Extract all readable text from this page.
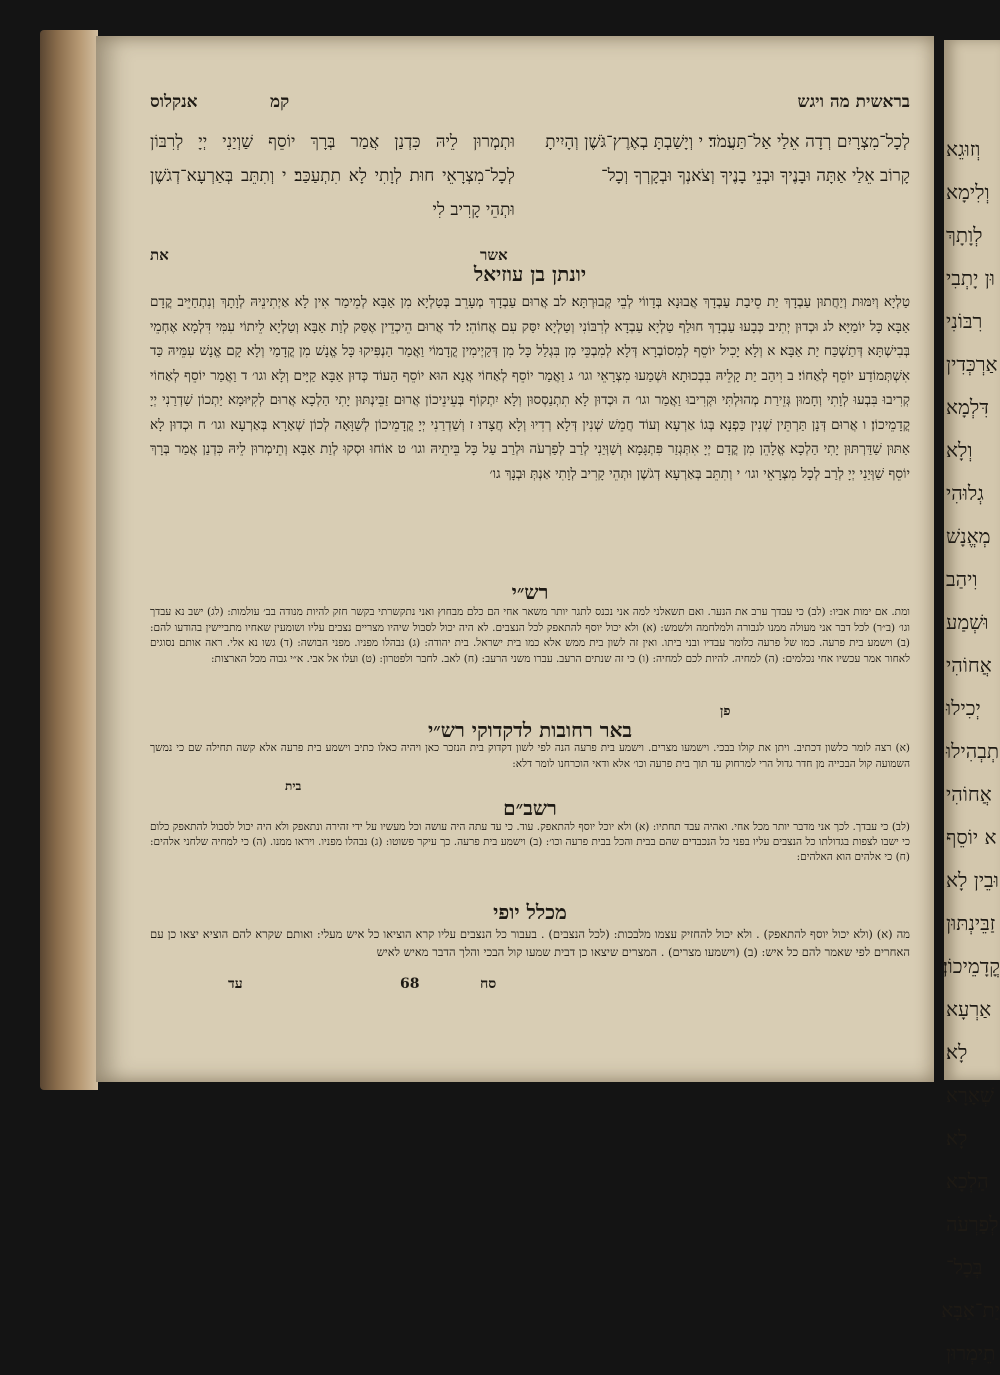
בראשית מה ויגש
אנקלוס	קמ
לְכָל־מִצְרָיִם רְדָה אֵלַי אַל־תַּעֲמֹד׃ י וְיָשַׁבְתָּ בְאֶרֶץ־גֹּשֶׁן וְהָיִיתָ קָרוֹב אֵלַי אַתָּה וּבָנֶיךָ וּבְנֵי בָנֶיךָ וְצֹאנְךָ וּבְקָרְךָ וְכָל־
וּתְמְרוּן לֵיהּ כִּדְנַן אֲמַר בְּרָךְ יוֹסֵף שַׁוְיַנִי יְיָ לְרִבּוֹן לְכָל־מִצְרָאֵי חוּת לְוָתִי לָא תִתְעַכַּב׃ י וְתִתֵּב בְּאַרְעָא־דְגֹשֶׁן וּתְהֵי קָרִיב לִי
אשר
את
יונתן בן עוזיאל
טַלְיָא וְיִמּוּת וְיַחֲתוּן עַבְדָךְ יַת סֵיבַת עַבְדָךְ אֲבוּנָא בְּדָווֹי לְבֵי קְבוּרְתָּא׃ לב אֲרוּם עַבְדָךְ מְעָרֵב בְּטַלְיָא מִן אַבָּא לְמֵימַר אִין לָא אַיְתִינֵיהּ לְוָתָךְ וְנִתְחַיֵּיב קֳדָם אַבָּא כָּל יוֹמַיָּא׃ לג וּכְדוּן יְתִיב כְּבָעוּ עַבְדָךְ חוּלַף טַלְיָא עַבְדָא לְרִבּוֹנִי וְטַלְיָא יִסַּק עִם אֲחוֹהִי׃ לד אֲרוּם הֵיכְדֵין אֶסַּק לְוַת אַבָּא וְטַלְיָא לֵיתוֹי עִמִּי דִּלְמָא אֶחְמֵי בְּבִישְׁתָּא דְּתַשְׁכַּח יַת אַבָּא׃ א וְלָא יָכִיל יוֹסֵף לְמִסוֹבְרָא דְּלָא לְמִבְכֵּי מִן בִּגְלַל כָּל מִן דְּקַיְימִין קֳדָמוֹי וַאֲמַר הַנְפִּיקוּ כָּל אֱנָשׁ מִן קֳדָמַי וְלָא קָם אֱנָשׁ עִמֵּיהּ כַּד אִשְׁתְּמוֹדַע יוֹסֵף לְאַחוֹי׃ ב וִיהַב יַת קָלֵיהּ בִּבְכוּתָא וּשְׁמַעוּ מִצְרָאֵי וגו׳ ג וַאֲמַר יוֹסֵף לְאַחוֹי אֲנָא הוּא יוֹסֵף הַעוֹד כְּדוּן אַבָּא קַיָּים וְלָא וגו׳ ד וַאֲמַר יוֹסֵף לְאַחוֹי קְרִיבוּ בִּבְעוּ לְוָתִי וְחָמוּן גְּזֵירַת מְהוּלְתִּי וּקְרִיבוּ וַאֲמַר וגו׳ ה וּכְדוּן לָא תִתְנַסְסוּן וְלָא יִתְקוֹף בְּעֵינֵיכוֹן אֲרוּם זַבֵּינְתּוּן יָתִי הַלְכָא אֲרוּם לְקִיּוּמָא יַתְכוֹן שַׁדְרַנִי יְיָ קֳדָמֵיכוֹן׃ ו אֲרוּם דְּנָן תַּרְתֵּין שְׁנִין כַּפְנָא בְּגוֹ אַרְעָא וְעוֹד חֲמֵשׁ שְׁנִין דְּלָא רְדִיוּ וְלָא חֲצָדוּ׃ ז וְשַׁדְרַנִי יְיָ קֳדָמֵיכוֹן לְשַׁוָּאָה לְכוֹן שְׁאָרָא בְּאַרְעָא וגו׳ ח וּכְדוּן לָא אַתּוּן שַׁדַּרְתּוּן יָתִי הַלְכָא אֱלָהֵן מִן קֳדָם יְיָ אִתְּגְזַר פִּתְגָּמָא וְשַׁוְּיַנִי לְרַב לְפַרְעֹה וּלְרַב עַל כָּל בֵּיתֵיהּ וגו׳ ט אוֹחוּ וּסְקוּ לְוַת אַבָּא וְתֵימְרוּן לֵיהּ כִּדְנַן אֲמַר בְּרָךְ יוֹסֵף שַׁוְּיַנִי יְיָ לְרַב לְכָל מִצְרָאֵי וגו׳ י וְתִתֵּב בְּאַרְעָא דְגֹשֶׁן וּתְהֵי קָרִיב לְוָתִי אַנְתְּ וּבְנָךְ גו׳
רש״י
ומת. אם ימות אביו: (לב) כי עבדך ערב את הנער. ואם תשאלני למה אני נכנס לתגר יותר משאר אחי הם כלם מבחוץ ואני נתקשרתי בקשר חזק להיות מנודה בב׳ עולמות: (לג) ישב נא עבדך וגו׳ (ב״ר) לכל דבר אני מעולה ממנו לגבורה ולמלחמה ולשמש: (א) ולא יכול יוסף להתאפק לכל הנצבים. לא היה יכול לסבול שיהיו מצריים נצבים עליו ושומעין שאחיו מתביישין בהודעו להם: (ב) וישמע בית פרעה. כמו של פרעה כלומר עבדיו ובני ביתו. ואין זה לשון בית ממש אלא כמו בית ישראל. בית יהודה: (ג) נבהלו מפניו. מפני הבושה: (ד) גשו נא אלי. ראה אותם נסוגים לאחור אמר עכשיו אחי נכלמים: (ה) למחיה. להיות לכם למחיה: (ו) כי זה שנתים הרעב. עברו משני הרעב: (ח) לאב. לחבר ולפטרון: (ט) ועלו אל אבי. א״י גבוה מכל הארצות:
פן
באר רחובות לדקדוקי רש״י
(א) רצה לומר כלשון דכתיב. ויתן את קולו בבכי. וישמעו מצרים. וישמע בית פרעה הנה לפי לשון דקדוק בית הנזכר כאן ויהיה כאלו כתיב וישמע בית פרעה אלא קשה תחילה שם כי נמשך השמועה קול הבכייה מן חדר גדול הרי למרחוק עד תוך בית פרעה וכו׳ אלא ודאי הוכרחנו לומר דלא:
בית
רשב״ם
(לב) כי עבדך. לכך אני מדבר יותר מכל אחי. ואהיה עבד תחתיו: (א) ולא יוכל יוסף להתאפק. עוד. כי עד עתה היה עושה וכל מעשיו על ידי זהירה ונתאפק ולא היה יכול לסבול להתאפק כלום כי ישבו לצפות בגדולתו כל הנצבים עליו בפני כל הנכבדים שהם בבית והכל בבית פרעה וכו׳: (ב) וישמע בית פרעה. כך עיקר פשוטו: (ג) נבהלו מפניו. ויראו ממנו. (ה) כי למחיה שלחני אלהים: (ח) כי אלהים הוא האלהים:
מכלל יופי
מה (א) (ולא יכול יוסף להתאפק) . ולא יכול להחזיק עצמו מלבכות: (לכל הנצבים) . בעבור כל הנצבים עליו קרא הוציאו כל איש מעלי: ואותם שקרא להם הוציא יצאו כן עם האחרים לפי שאמר להם כל איש: (ב) (וישמעו מצרים) . המצרים שיצאו כן דבית שמעו קול הבכי והלך הדבר מאיש לאיש
עד	68	סח
וְזוּגֵא
וְלִימָא
לְוָתָךְ
וּן יָתְבִי
רִבּוֹנִי
אַרְכְּדִין
דִּלְמָא
וְלָא
גְלוּהִי
מְאֱנָשׁ
וִיהַב
וּשְׁמַע
אֲחוֹהִי
יְכִילוּ
תְבְהִילוּ
אֲחוֹהִי
א יוֹסֵף
וּבֵין לָא
זַבֵּינְתּוּן
קֳדָמֵיכוֹן׃
אַרְעָא
לָא׃
שְׁאָרָא
לָא׃
הַלְכָא
לְפַרְעֹה
בְּכָל־
יַת־אַבָּא
תֵימְרוּן
